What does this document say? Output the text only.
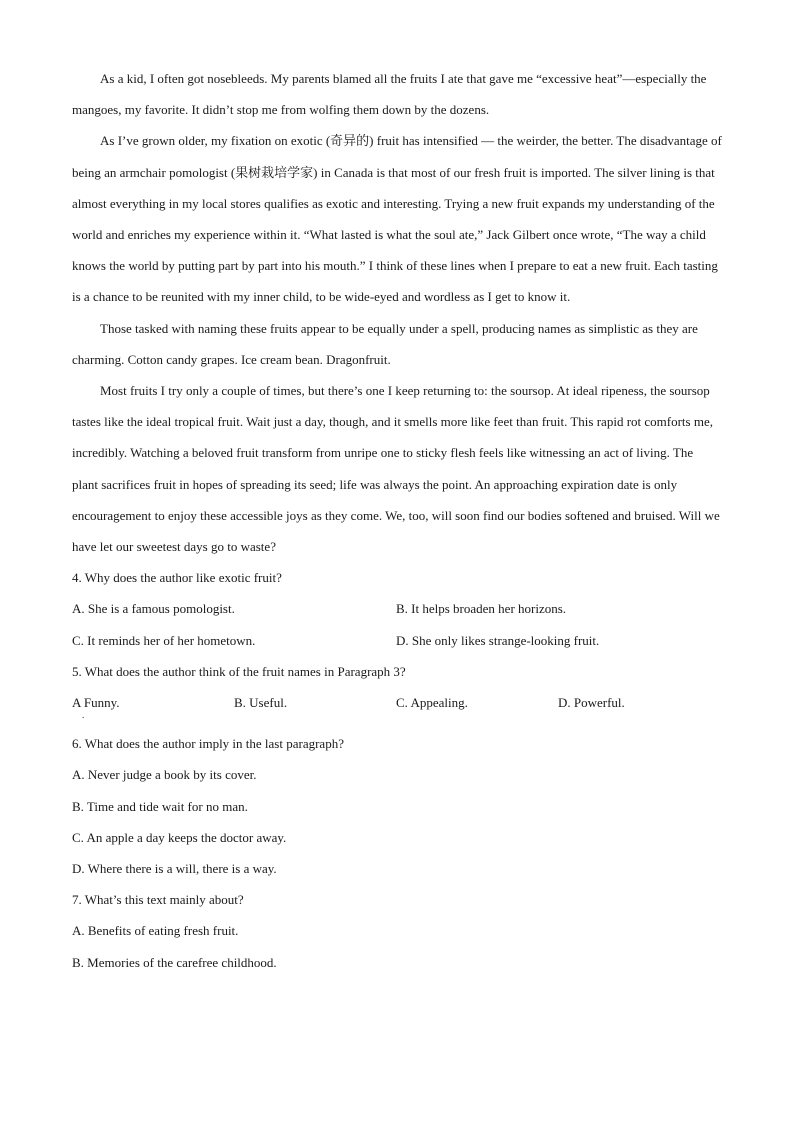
As a kid, I often got nosebleeds. My parents blamed all the fruits I ate that gave me “excessive heat”—especially the mangoes, my favorite. It didn’t stop me from wolfing them down by the dozens.

As I’ve grown older, my fixation on exotic (奇异的) fruit has intensified — the weirder, the better. The disadvantage of being an armchair pomologist (果树栽培学家) in Canada is that most of our fresh fruit is imported. The silver lining is that almost everything in my local stores qualifies as exotic and interesting. Trying a new fruit expands my understanding of the world and enriches my experience within it. “What lasted is what the soul ate,” Jack Gilbert once wrote, “The way a child knows the world by putting part by part into his mouth.” I think of these lines when I prepare to eat a new fruit. Each tasting is a chance to be reunited with my inner child, to be wide-eyed and wordless as I get to know it.

Those tasked with naming these fruits appear to be equally under a spell, producing names as simplistic as they are charming. Cotton candy grapes. Ice cream bean. Dragonfruit.

Most fruits I try only a couple of times, but there’s one I keep returning to: the soursop. At ideal ripeness, the soursop tastes like the ideal tropical fruit. Wait just a day, though, and it smells more like feet than fruit. This rapid rot comforts me, incredibly. Watching a beloved fruit transform from unripe one to sticky flesh feels like witnessing an act of living. The plant sacrifices fruit in hopes of spreading its seed; life was always the point. An approaching expiration date is only encouragement to enjoy these accessible joys as they come. We, too, will soon find our bodies softened and bruised. Will we have let our sweetest days go to waste?

4. Why does the author like exotic fruit?

A. She is a famous pomologist.	B. It helps broaden her horizons.
C. It reminds her of her hometown.	D. She only likes strange-looking fruit.

5. What does the author think of the fruit names in Paragraph 3?

A Funny.
.
B. Useful.	C. Appealing.	D. Powerful.

6. What does the author imply in the last paragraph?

A. Never judge a book by its cover.

B. Time and tide wait for no man.

C. An apple a day keeps the doctor away.

D. Where there is a will, there is a way.

7. What’s this text mainly about?

A. Benefits of eating fresh fruit.

B. Memories of the carefree childhood.
